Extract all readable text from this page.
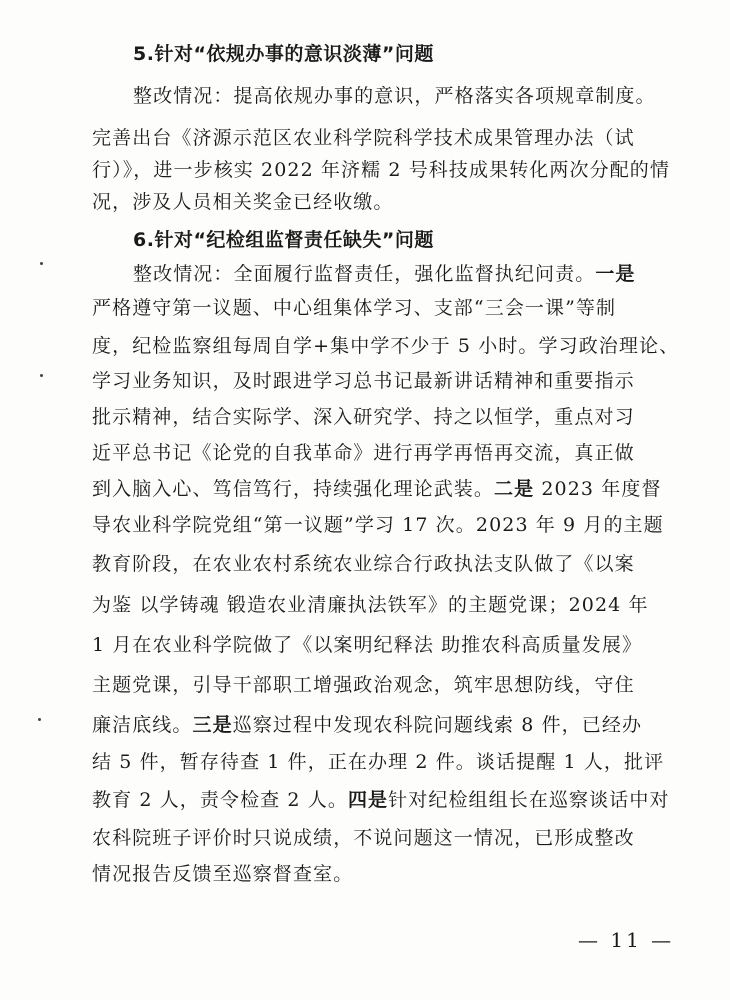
5.针对“依规办事的意识淡薄”问题
整改情况：提高依规办事的意识，严格落实各项规章制度。
完善出台《济源示范区农业科学院科学技术成果管理办法（试
行）》，进一步核实 2022 年济糯 2 号科技成果转化两次分配的情
况，涉及人员相关奖金已经收缴。
6.针对“纪检组监督责任缺失”问题
整改情况：全面履行监督责任，强化监督执纪问责。一是
严格遵守第一议题、中心组集体学习、支部“三会一课”等制
度，纪检监察组每周自学+集中学不少于 5 小时。学习政治理论、
学习业务知识，及时跟进学习总书记最新讲话精神和重要指示
批示精神，结合实际学、深入研究学、持之以恒学，重点对习
近平总书记《论党的自我革命》进行再学再悟再交流，真正做
到入脑入心、笃信笃行，持续强化理论武装。二是 2023 年度督
导农业科学院党组“第一议题”学习 17 次。2023 年 9 月的主题
教育阶段，在农业农村系统农业综合行政执法支队做了《以案
为鉴 以学铸魂 锻造农业清廉执法铁军》的主题党课；2024 年
1 月在农业科学院做了《以案明纪释法 助推农科高质量发展》
主题党课，引导干部职工增强政治观念，筑牢思想防线，守住
廉洁底线。三是巡察过程中发现农科院问题线索 8 件，已经办
结 5 件，暂存待查 1 件，正在办理 2 件。谈话提醒 1 人，批评
教育 2 人，责令检查 2 人。四是针对纪检组组长在巡察谈话中对
农科院班子评价时只说成绩，不说问题这一情况，已形成整改
情况报告反馈至巡察督查室。
— 11 —
